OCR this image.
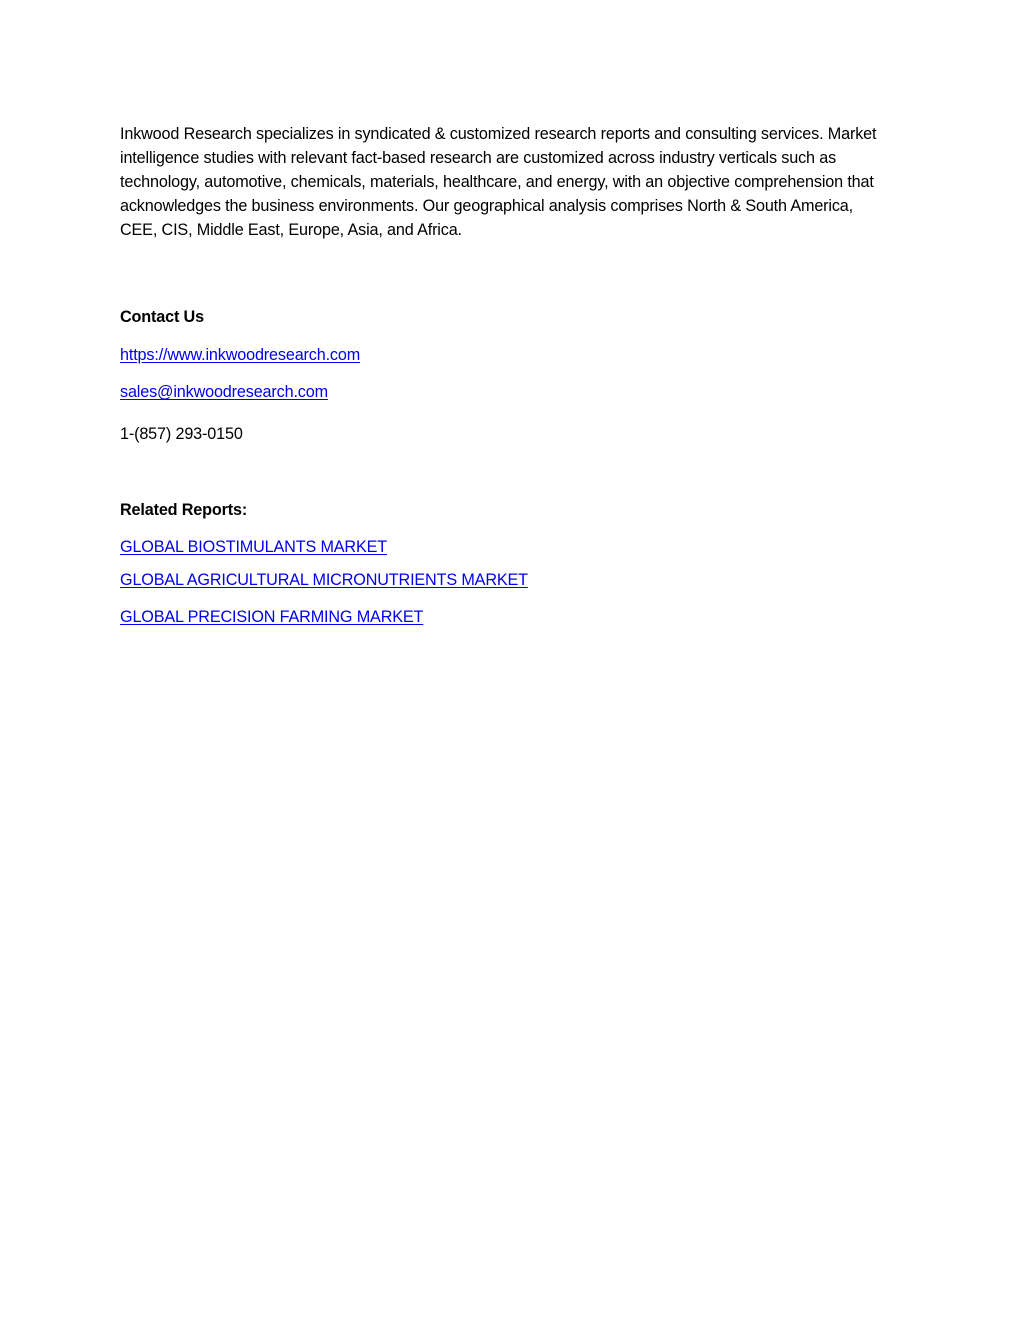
Inkwood Research specializes in syndicated & customized research reports and consulting services. Market intelligence studies with relevant fact-based research are customized across industry verticals such as technology, automotive, chemicals, materials, healthcare, and energy, with an objective comprehension that acknowledges the business environments. Our geographical analysis comprises North & South America, CEE, CIS, Middle East, Europe, Asia, and Africa.

Contact Us
https://www.inkwoodresearch.com
sales@inkwoodresearch.com
1-(857) 293-0150
Related Reports:
GLOBAL BIOSTIMULANTS MARKET
GLOBAL AGRICULTURAL MICRONUTRIENTS MARKET
GLOBAL PRECISION FARMING MARKET
